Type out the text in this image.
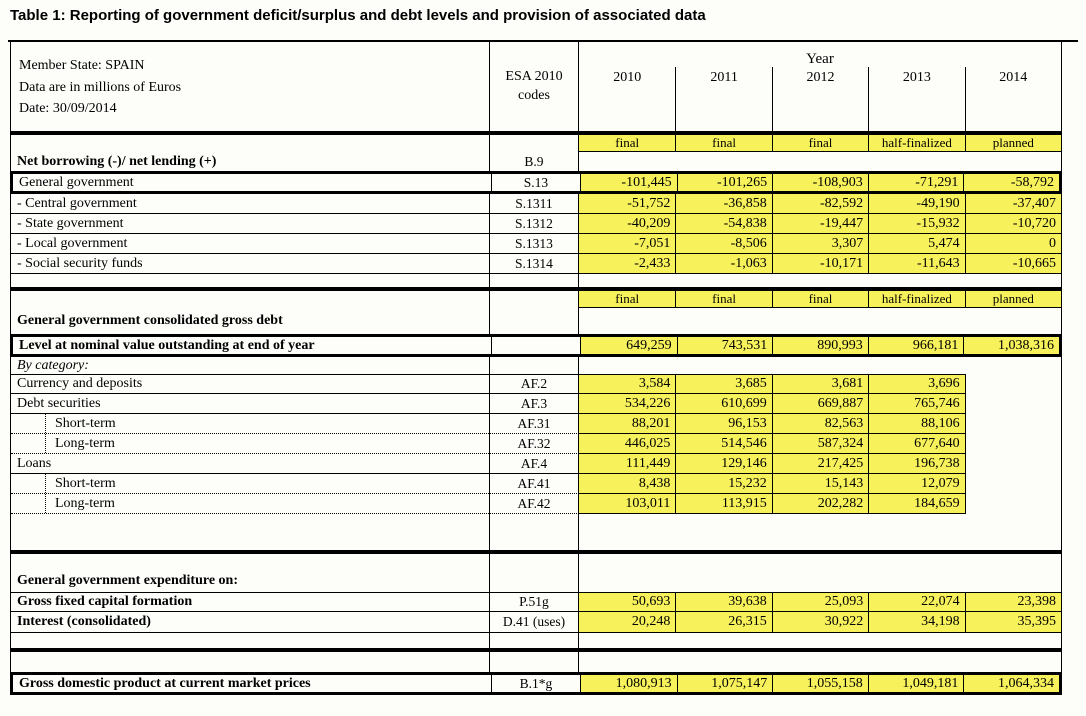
Table 1: Reporting of government deficit/surplus and debt levels and provision of associated data
Member State: SPAIN
Data are in millions of Euros
Date: 30/09/2014
ESA 2010
codes
Year
2010	2011	2012	2013	2014
final	final	final	half-finalized	planned
Net borrowing (-)/ net lending (+)	B.9
General government	S.13	-101,445	-101,265	-108,903	-71,291	-58,792
- Central government	S.1311	-51,752	-36,858	-82,592	-49,190	-37,407
- State government	S.1312	-40,209	-54,838	-19,447	-15,932	-10,720
- Local government	S.1313	-7,051	-8,506	3,307	5,474	0
- Social security funds	S.1314	-2,433	-1,063	-10,171	-11,643	-10,665
final	final	final	half-finalized	planned
General government consolidated gross debt
Level at nominal value outstanding at end of year	649,259	743,531	890,993	966,181	1,038,316
By category:
Currency and deposits	AF.2	3,584	3,685	3,681	3,696
Debt securities	AF.3	534,226	610,699	669,887	765,746
Short-term	AF.31	88,201	96,153	82,563	88,106
Long-term	AF.32	446,025	514,546	587,324	677,640
Loans	AF.4	111,449	129,146	217,425	196,738
Short-term	AF.41	8,438	15,232	15,143	12,079
Long-term	AF.42	103,011	113,915	202,282	184,659
General government expenditure on:
Gross fixed capital formation	P.51g	50,693	39,638	25,093	22,074	23,398
Interest (consolidated)	D.41 (uses)	20,248	26,315	30,922	34,198	35,395
Gross domestic product at current market prices	B.1*g	1,080,913	1,075,147	1,055,158	1,049,181	1,064,334
